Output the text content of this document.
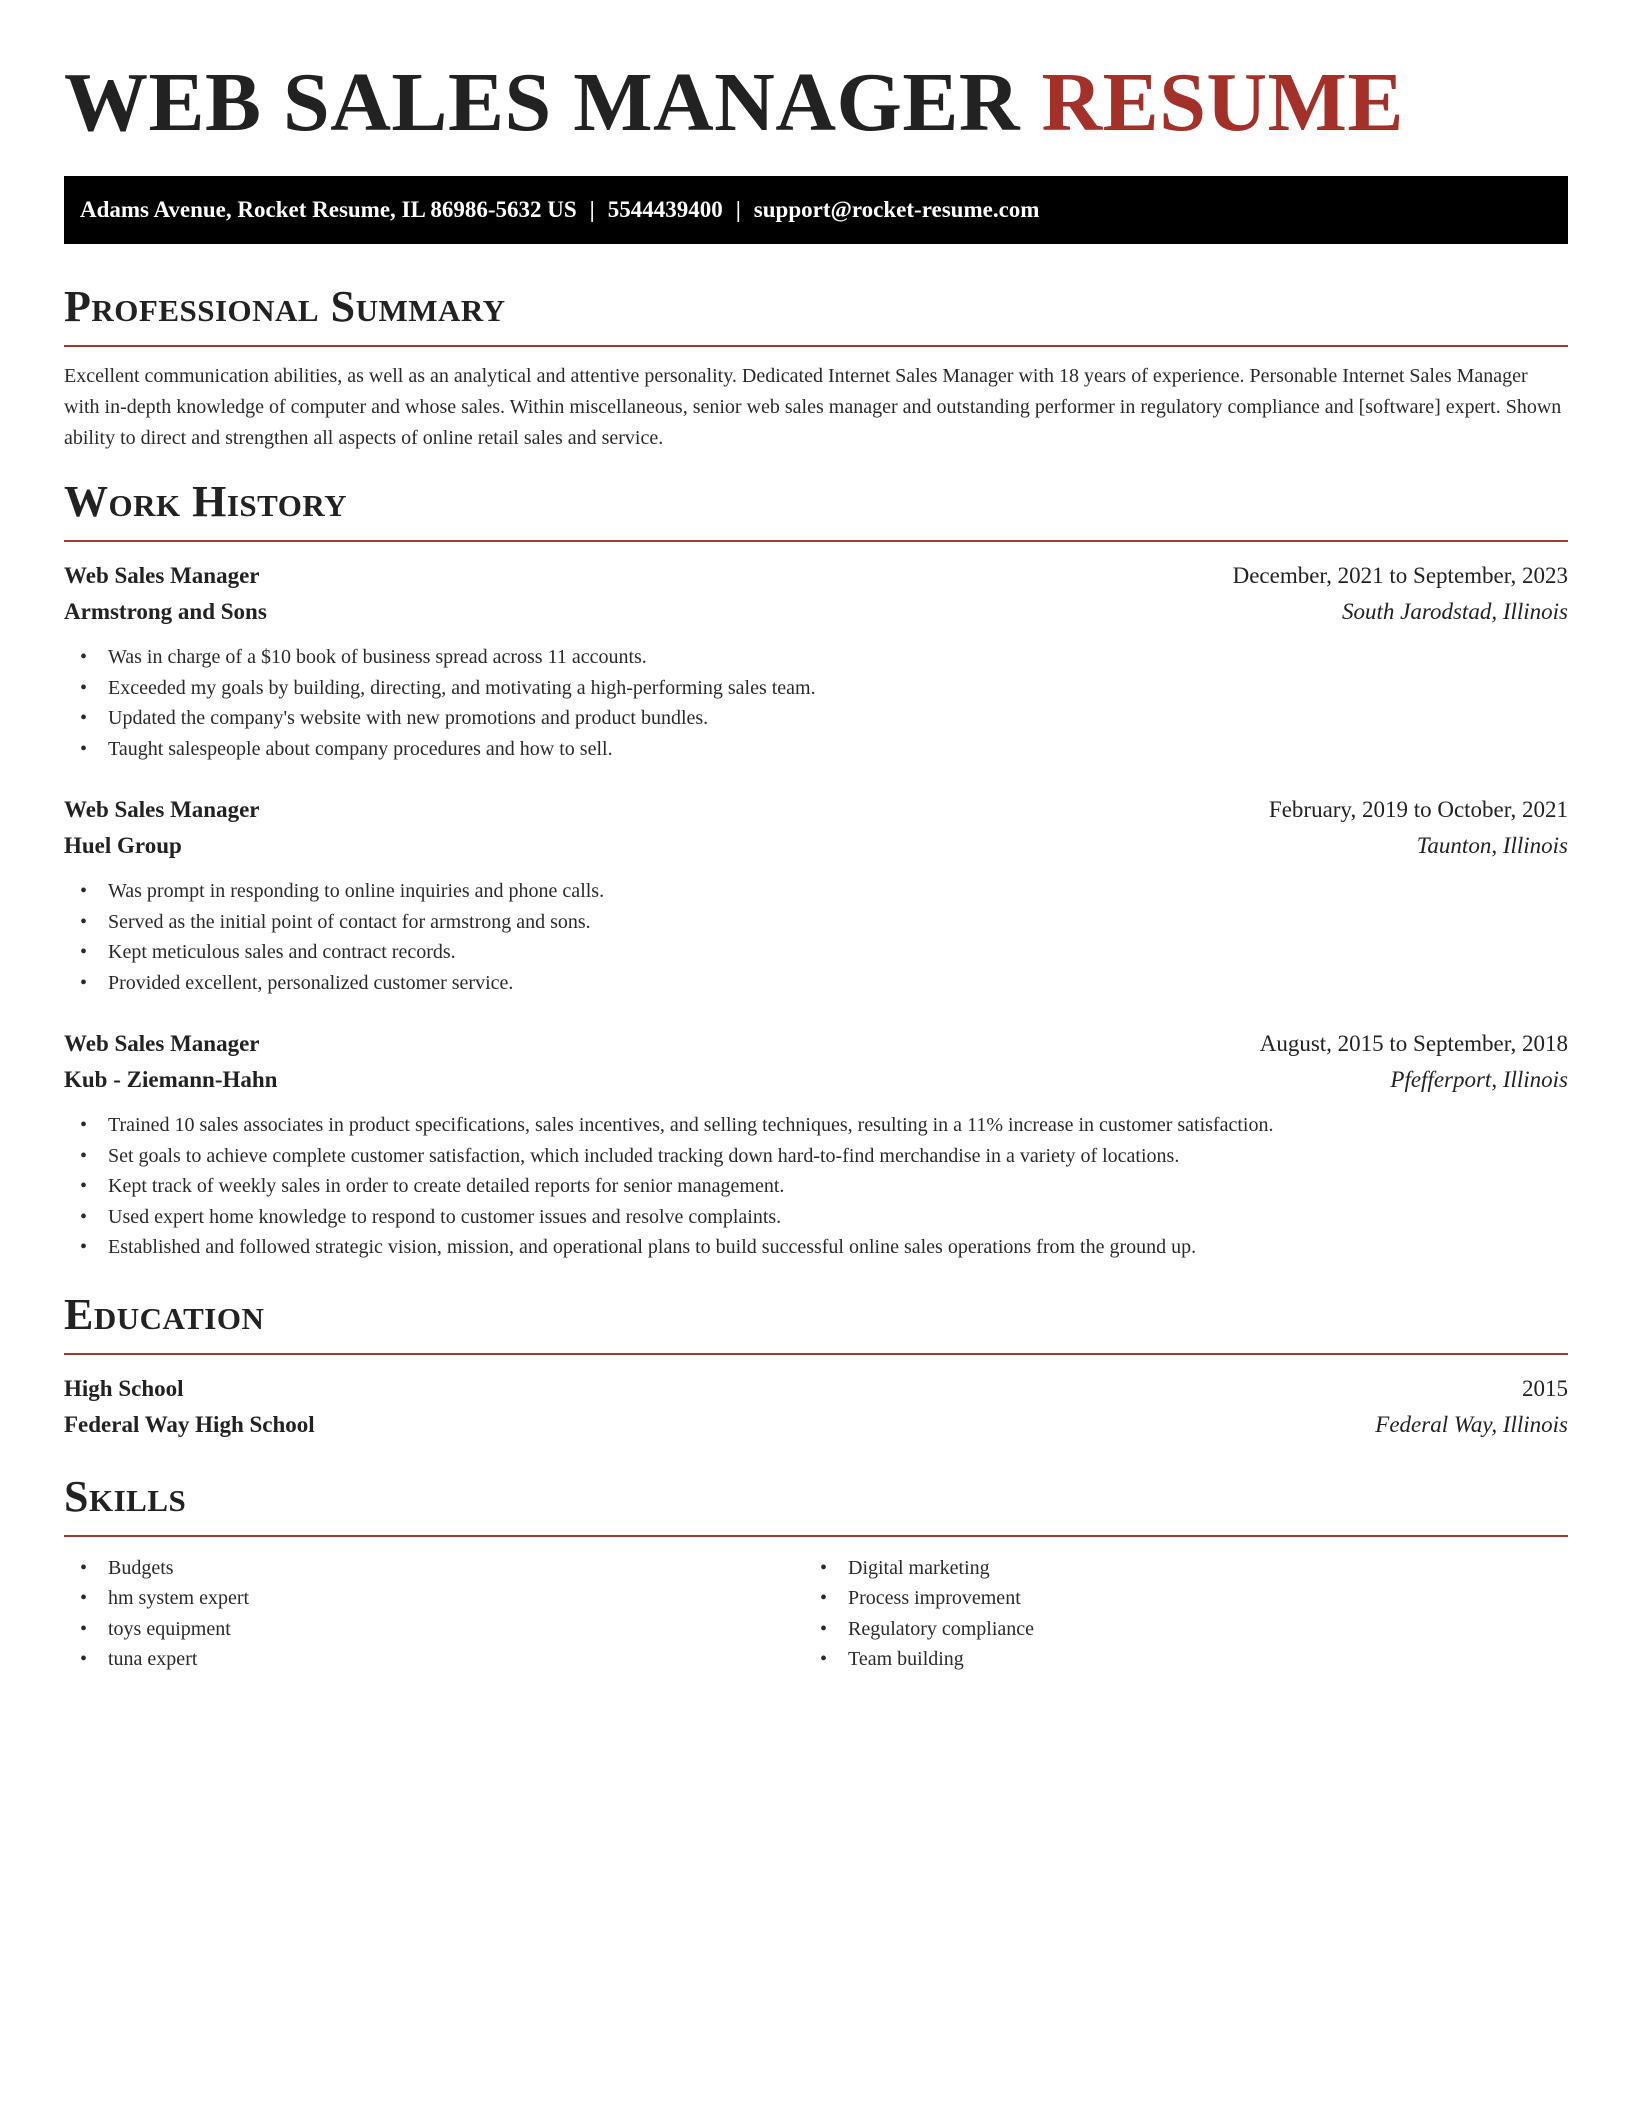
WEB SALES MANAGER RESUME
Adams Avenue, Rocket Resume, IL 86986-5632 US | 5544439400 | support@rocket-resume.com
Professional Summary

Excellent communication abilities, as well as an analytical and attentive personality. Dedicated Internet Sales Manager with 18 years of experience. Personable Internet Sales Manager with in-depth knowledge of computer and whose sales. Within miscellaneous, senior web sales manager and outstanding performer in regulatory compliance and [software] expert. Shown ability to direct and strengthen all aspects of online retail sales and service.

Work History
Web Sales Manager	December, 2021 to September, 2023
Armstrong and Sons	South Jarodstad, Illinois
• Was in charge of a $10 book of business spread across 11 accounts.
• Exceeded my goals by building, directing, and motivating a high-performing sales team.
• Updated the company's website with new promotions and product bundles.
• Taught salespeople about company procedures and how to sell.
Web Sales Manager	February, 2019 to October, 2021
Huel Group	Taunton, Illinois
• Was prompt in responding to online inquiries and phone calls.
• Served as the initial point of contact for armstrong and sons.
• Kept meticulous sales and contract records.
• Provided excellent, personalized customer service.
Web Sales Manager	August, 2015 to September, 2018
Kub - Ziemann-Hahn	Pfefferport, Illinois
• Trained 10 sales associates in product specifications, sales incentives, and selling techniques, resulting in a 11% increase in customer satisfaction.
• Set goals to achieve complete customer satisfaction, which included tracking down hard-to-find merchandise in a variety of locations.
• Kept track of weekly sales in order to create detailed reports for senior management.
• Used expert home knowledge to respond to customer issues and resolve complaints.
• Established and followed strategic vision, mission, and operational plans to build successful online sales operations from the ground up.
Education
High School	2015
Federal Way High School	Federal Way, Illinois
Skills
• Budgets
• hm system expert
• toys equipment
• tuna expert
• Digital marketing
• Process improvement
• Regulatory compliance
• Team building
